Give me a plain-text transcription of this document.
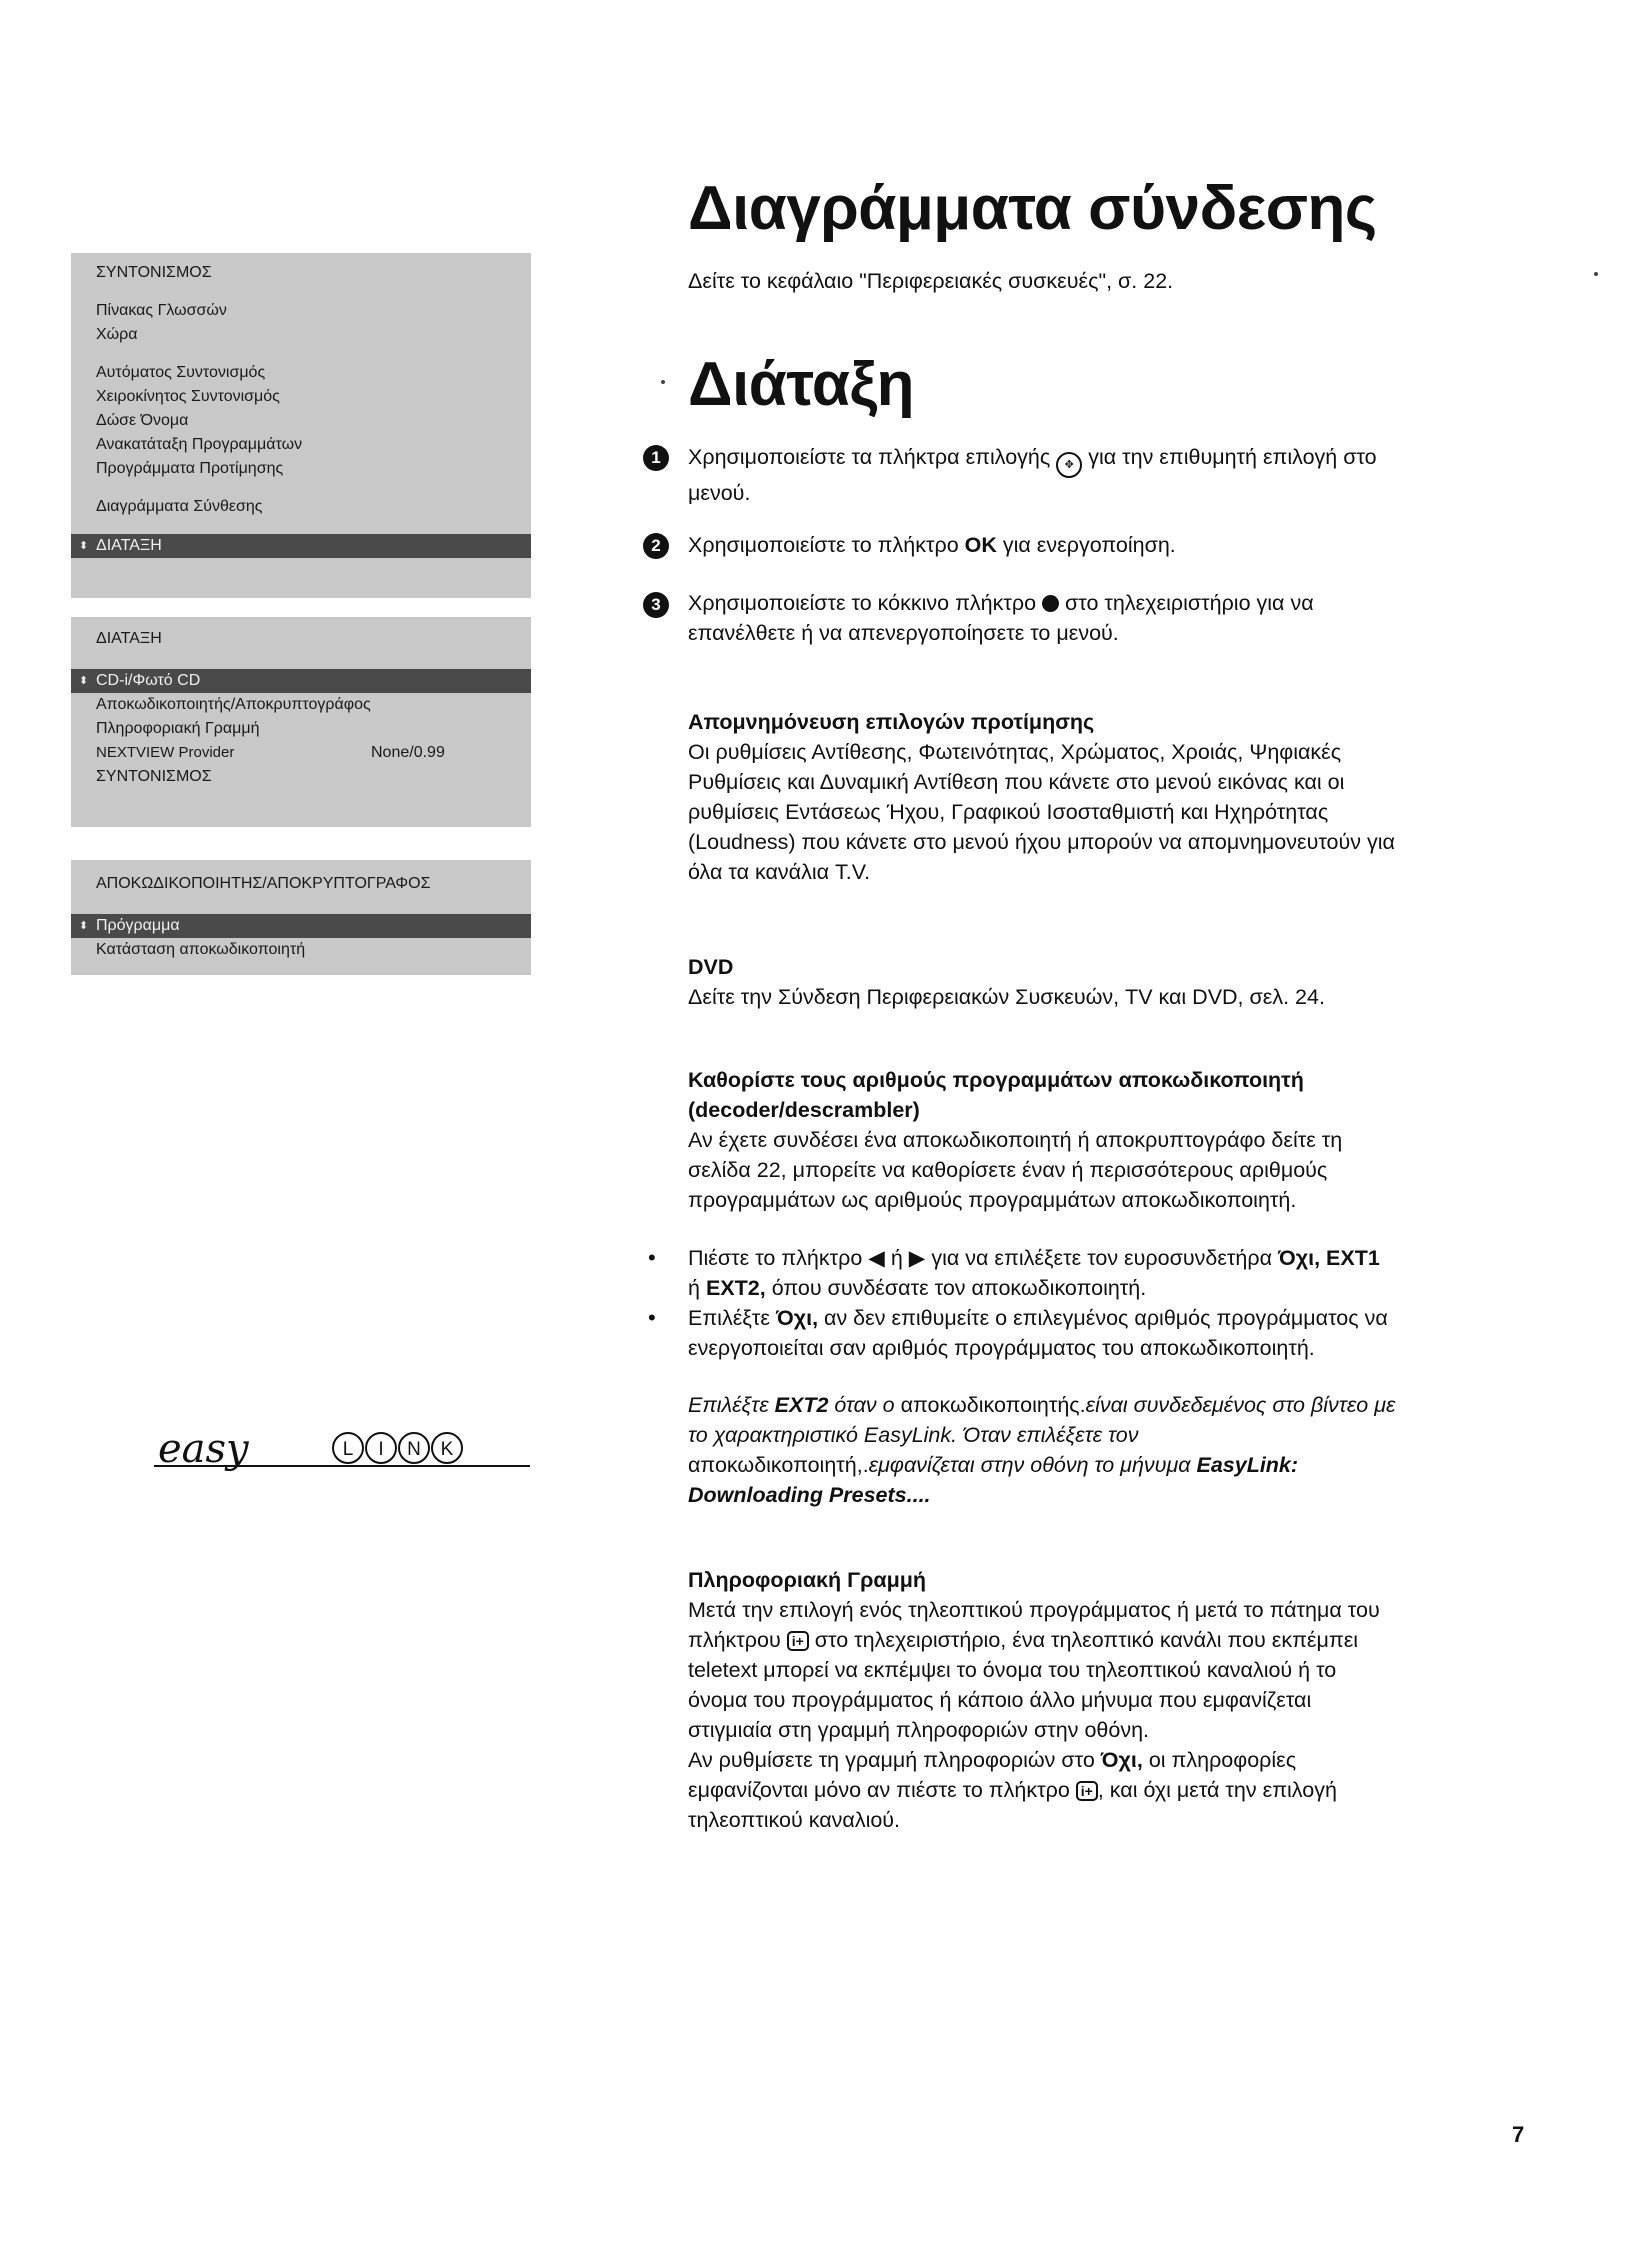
ΣΥΝΤΟΝΙΣΜΟΣ
Πίνακας Γλωσσών
Χώρα
Αυτόματος Συντονισμός
Χειροκίνητος Συντονισμός
Δώσε Όνομα
Ανακατάταξη Προγραμμάτων
Προγράμματα Προτίμησης
Διαγράμματα Σύνθεσης
⬍ ΔΙΑΤΑΞΗ
ΔΙΑΤΑΞΗ
⬍ CD-i/Φωτό CD
Αποκωδικοποιητής/Αποκρυπτογράφος
Πληροφοριακή Γραμμή
NEXTVIEW Provider	None/0.99
ΣΥΝΤΟΝΙΣΜΟΣ
ΑΠΟΚΩΔΙΚΟΠΟΙΗΤΗΣ/ΑΠΟΚΡΥΠΤΟΓΡΑΦΟΣ
⬍ Πρόγραμμα
Κατάσταση αποκωδικοποιητή
easy	L I N K
Διαγράμματα σύνδεσης
Δείτε το κεφάλαιο "Περιφερειακές συσκευές", σ. 22.
Διάταξη
1	Χρησιμοποιείστε τα πλήκτρα επιλογής ✥ για την επιθυμητή επιλογή στο
μενού.
2	Χρησιμοποιείστε το πλήκτρο OK για ενεργοποίηση.
3	Χρησιμοποιείστε το κόκκινο πλήκτρο στο τηλεχειριστήριο για να
επανέλθετε ή να απενεργοποίησετε το μενού.
Απομνημόνευση επιλογών προτίμησης
Οι ρυθμίσεις Αντίθεσης, Φωτεινότητας, Χρώματος, Χροιάς, Ψηφιακές
Ρυθμίσεις και Δυναμική Αντίθεση που κάνετε στο μενού εικόνας και οι
ρυθμίσεις Εντάσεως Ήχου, Γραφικού Ισοσταθμιστή και Ηχηρότητας
(Loudness) που κάνετε στο μενού ήχου μπορούν να απομνημονευτούν για
όλα τα κανάλια T.V.
DVD
Δείτε την Σύνδεση Περιφερειακών Συσκευών, TV και DVD, σελ. 24.
Καθορίστε τους αριθμούς προγραμμάτων αποκωδικοποιητή
(decoder/descrambler)
Αν έχετε συνδέσει ένα αποκωδικοποιητή ή αποκρυπτογράφο δείτε τη
σελίδα 22, μπορείτε να καθορίσετε έναν ή περισσότερους αριθμούς
προγραμμάτων ως αριθμούς προγραμμάτων αποκωδικοποιητή.
• Πιέστε το πλήκτρο ◀ ή ▶ για να επιλέξετε τον ευροσυνδετήρα Όχι, EXT1
ή EXT2, όπου συνδέσατε τον αποκωδικοποιητή.
• Επιλέξτε Όχι, αν δεν επιθυμείτε ο επιλεγμένος αριθμός προγράμματος να
ενεργοποιείται σαν αριθμός προγράμματος του αποκωδικοποιητή.
Επιλέξτε EXT2 όταν ο αποκωδικοποιητής.είναι συνδεδεμένος στο βίντεο με
το χαρακτηριστικό EasyLink. Όταν επιλέξετε τον
αποκωδικοποιητή,.εμφανίζεται στην οθόνη το μήνυμα EasyLink:
Downloading Presets....
Πληροφοριακή Γραμμή
Μετά την επιλογή ενός τηλεοπτικού προγράμματος ή μετά το πάτημα του
πλήκτρου i+ στο τηλεχειριστήριο, ένα τηλεοπτικό κανάλι που εκπέμπει
teletext μπορεί να εκπέμψει το όνομα του τηλεοπτικού καναλιού ή το
όνομα του προγράμματος ή κάποιο άλλο μήνυμα που εμφανίζεται
στιγμιαία στη γραμμή πληροφοριών στην οθόνη.
Αν ρυθμίσετε τη γραμμή πληροφοριών στο Όχι, οι πληροφορίες
εμφανίζονται μόνο αν πιέστε το πλήκτρο i+ , και όχι μετά την επιλογή
τηλεοπτικού καναλιού.
7
